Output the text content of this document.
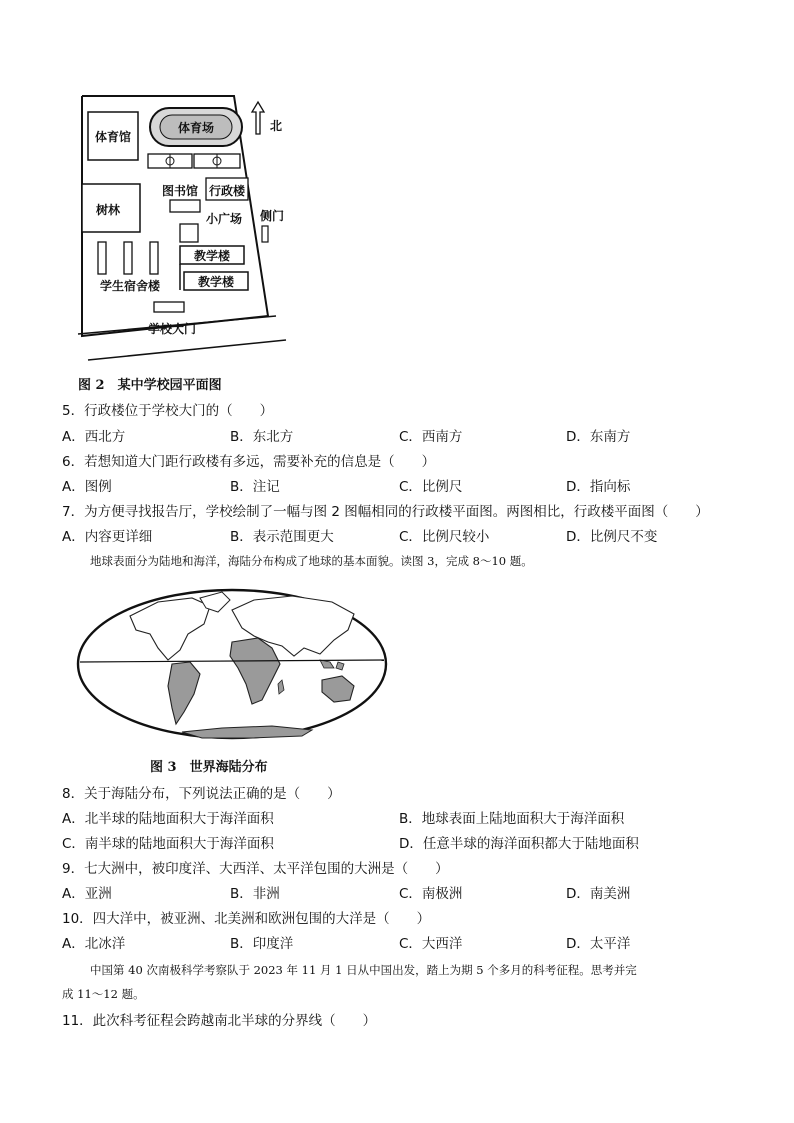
体育馆
体育场	北
图书馆 行政楼
树林
小广场 侧门
教学楼
教学楼
学生宿舍楼
学校大门
图 2　某中学校园平面图
5．行政楼位于学校大门的（　　）
A．西北方	B．东北方	C．西南方	D．东南方
6．若想知道大门距行政楼有多远，需要补充的信息是（　　）
A．图例	B．注记	C．比例尺	D．指向标
7．为方便寻找报告厅，学校绘制了一幅与图 2 图幅相同的行政楼平面图。两图相比，行政楼平面图（　　）
A．内容更详细	B．表示范围更大	C．比例尺较小	D．比例尺不变
地球表面分为陆地和海洋，海陆分布构成了地球的基本面貌。读图 3，完成 8～10 题。
图 3　世界海陆分布
8．关于海陆分布，下列说法正确的是（　　）
A．北半球的陆地面积大于海洋面积	B．地球表面上陆地面积大于海洋面积
C．南半球的陆地面积大于海洋面积	D．任意半球的海洋面积都大于陆地面积
9．七大洲中，被印度洋、大西洋、太平洋包围的大洲是（　　）
A．亚洲	B．非洲	C．南极洲	D．南美洲
10．四大洋中，被亚洲、北美洲和欧洲包围的大洋是（　　）
A．北冰洋	B．印度洋	C．大西洋	D．太平洋
中国第 40 次南极科学考察队于 2023 年 11 月 1 日从中国出发，踏上为期 5 个多月的科考征程。思考并完
成 11～12 题。
11．此次科考征程会跨越南北半球的分界线（　　）
